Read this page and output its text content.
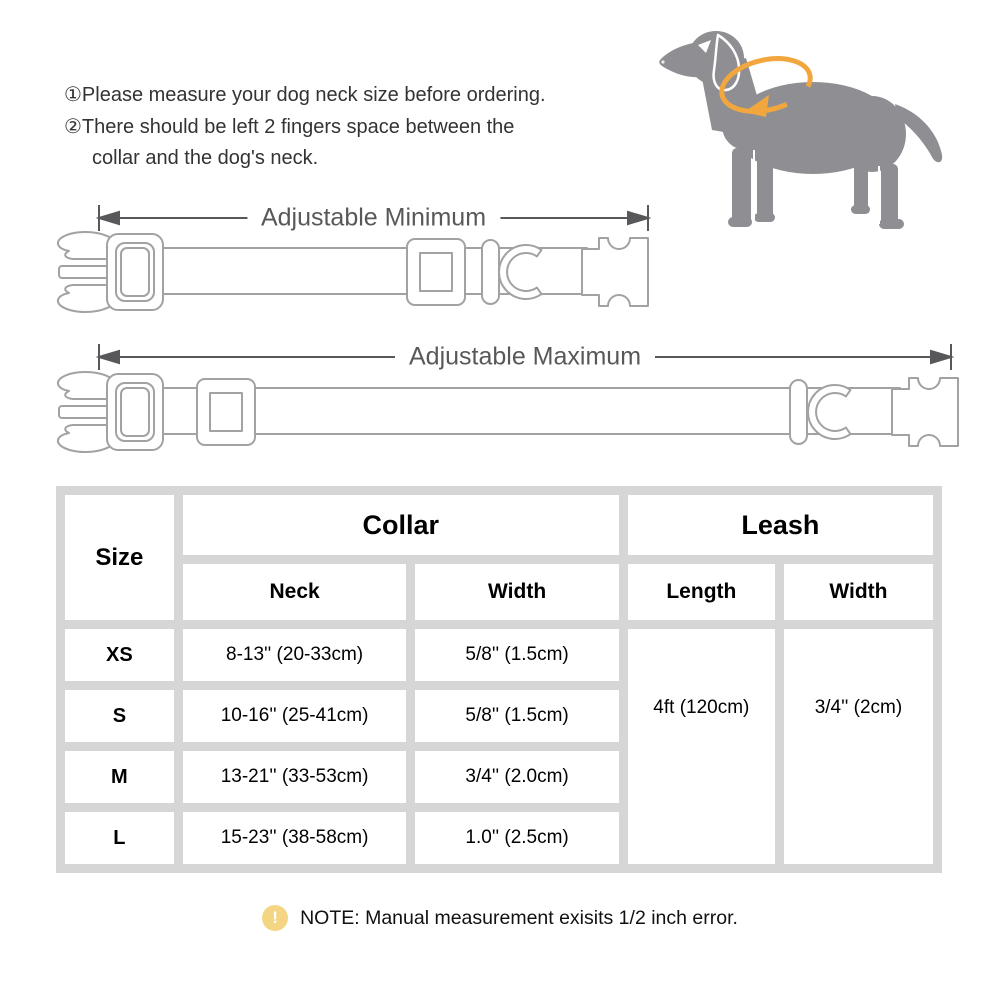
①Please measure your dog neck size before ordering.
②There should be left 2 fingers space between the
collar and the dog's neck.
Adjustable Minimum
Adjustable Maximum
Size	Collar		Leash	
	Neck	Width	Length	Width
XS	8-13'' (20-33cm)	5/8'' (1.5cm)	4ft (120cm)	3/4'' (2cm)
S	10-16'' (25-41cm)	5/8'' (1.5cm)		
M	13-21'' (33-53cm)	3/4'' (2.0cm)		
L	15-23'' (38-58cm)	1.0'' (2.5cm)		
!	NOTE: Manual measurement exisits 1/2 inch error.
